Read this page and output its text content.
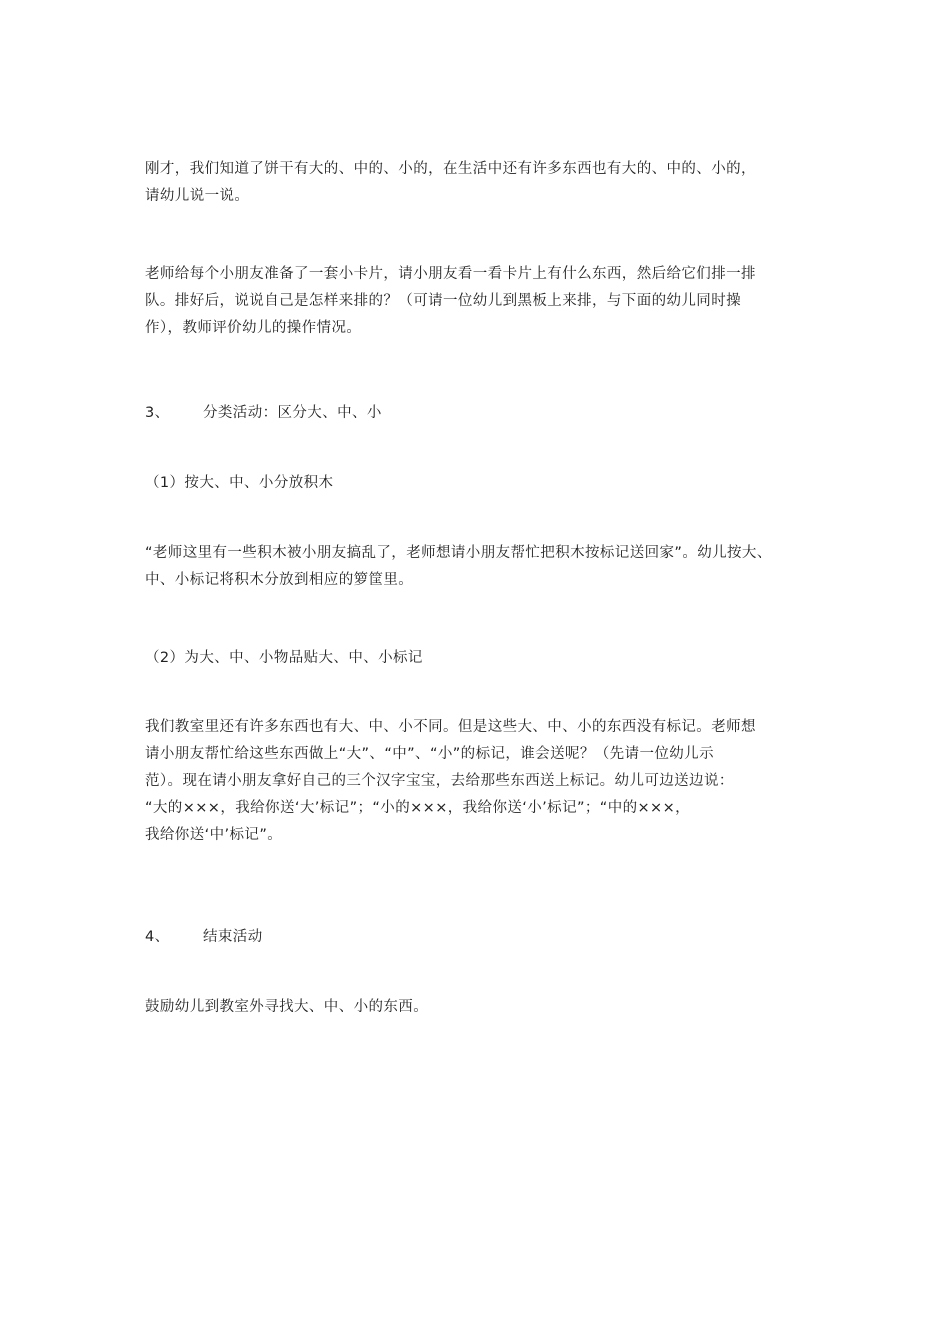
刚才，我们知道了饼干有大的、中的、小的，在生活中还有许多东西也有大的、中的、小的，
请幼儿说一说。
老师给每个小朋友准备了一套小卡片，请小朋友看一看卡片上有什么东西，然后给它们排一排
队。排好后，说说自己是怎样来排的？（可请一位幼儿到黑板上来排，与下面的幼儿同时操
作），教师评价幼儿的操作情况。
3、 分类活动：区分大、中、小
（1）按大、中、小分放积木
“老师这里有一些积木被小朋友搞乱了，老师想请小朋友帮忙把积木按标记送回家”。幼儿按大、
中、小标记将积木分放到相应的箩筐里。
（2）为大、中、小物品贴大、中、小标记
我们教室里还有许多东西也有大、中、小不同。但是这些大、中、小的东西没有标记。老师想
请小朋友帮忙给这些东西做上“大”、“中”、“小”的标记，谁会送呢？（先请一位幼儿示
范）。现在请小朋友拿好自己的三个汉字宝宝，去给那些东西送上标记。幼儿可边送边说：
“大的×××，我给你送‘大’标记”；“小的×××，我给你送‘小’标记”；“中的×××，
我给你送‘中’标记”。
4、 结束活动
鼓励幼儿到教室外寻找大、中、小的东西。
